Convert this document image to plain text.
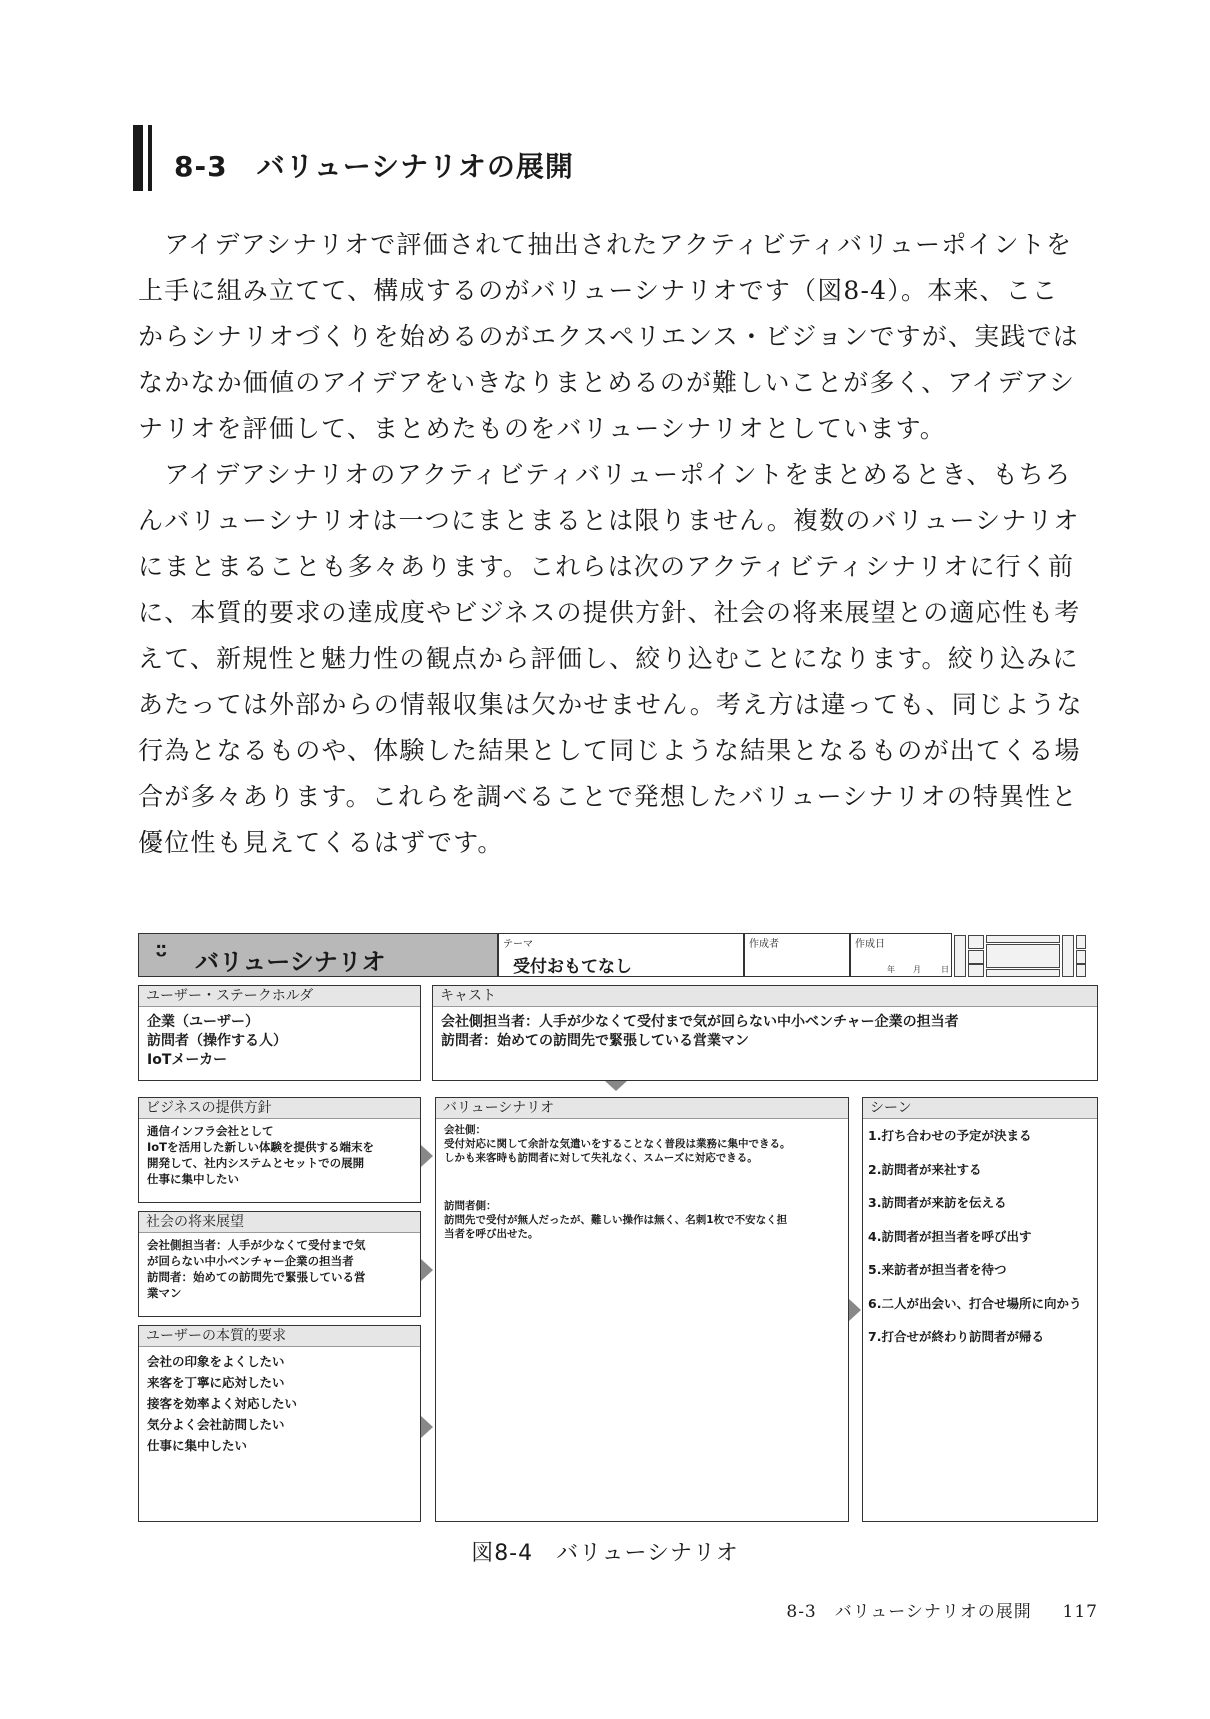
8-3　バリューシナリオの展開
　アイデアシナリオで評価されて抽出されたアクティビティバリューポイントを
上手に組み立てて、構成するのがバリューシナリオです（図8-4）。本来、ここ
からシナリオづくりを始めるのがエクスペリエンス・ビジョンですが、実践では
なかなか価値のアイデアをいきなりまとめるのが難しいことが多く、アイデアシ
ナリオを評価して、まとめたものをバリューシナリオとしています。
　アイデアシナリオのアクティビティバリューポイントをまとめるとき、もちろ
んバリューシナリオは一つにまとまるとは限りません。複数のバリューシナリオ
にまとまることも多々あります。これらは次のアクティビティシナリオに行く前
に、本質的要求の達成度やビジネスの提供方針、社会の将来展望との適応性も考
えて、新規性と魅力性の観点から評価し、絞り込むことになります。絞り込みに
あたっては外部からの情報収集は欠かせません。考え方は違っても、同じような
行為となるものや、体験した結果として同じような結果となるものが出てくる場
合が多々あります。これらを調べることで発想したバリューシナリオの特異性と
優位性も見えてくるはずです。
ᵕ̈ バリューシナリオ
テーマ
受付おもてなし
作成者	作成日
年 月	日
ユーザー・ステークホルダ
企業（ユーザー）
訪問者（操作する人）
IoTメーカー
キャスト
会社側担当者：人手が少なくて受付まで気が回らない中小ベンチャー企業の担当者
訪問者：始めての訪問先で緊張している営業マン
ビジネスの提供方針
通信インフラ会社として
IoTを活用した新しい体験を提供する端末を
開発して、社内システムとセットでの展開
仕事に集中したい
社会の将来展望
会社側担当者：人手が少なくて受付まで気
が回らない中小ベンチャー企業の担当者
訪問者：始めての訪問先で緊張している営
業マン
ユーザーの本質的要求
会社の印象をよくしたい
来客を丁寧に応対したい
接客を効率よく対応したい
気分よく会社訪問したい
仕事に集中したい
バリューシナリオ
会社側：
受付対応に関して余計な気遣いをすることなく普段は業務に集中できる。
しかも来客時も訪問者に対して失礼なく、スムーズに対応できる。
訪問者側：
訪問先で受付が無人だったが、難しい操作は無く、名刺1枚で不安なく担
当者を呼び出せた。
シーン
1.打ち合わせの予定が決まる
2.訪問者が来社する
3.訪問者が来訪を伝える
4.訪問者が担当者を呼び出す
5.来訪者が担当者を待つ
6.二人が出会い、打合せ場所に向かう
7.打合せが終わり訪問者が帰る
図8-4　バリューシナリオ
8-3　バリューシナリオの展開 117
